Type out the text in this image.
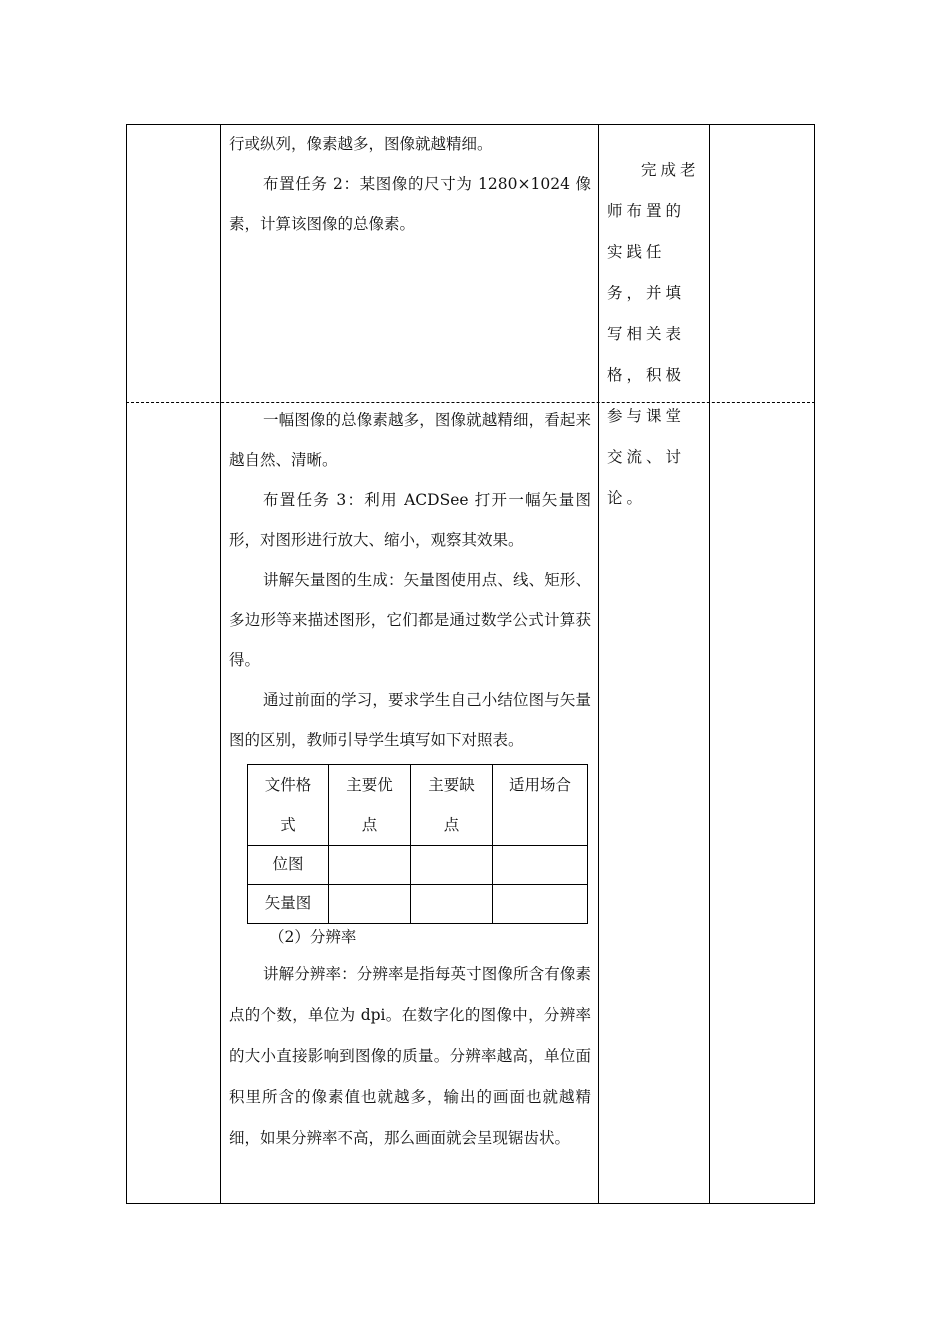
行或纵列，像素越多，图像就越精细。

布置任务 2：某图像的尺寸为 1280×1024 像素，计算该图像的总像素。

完成老师布置的实践任务，并填写相关表格，积极参与课堂交流、讨论。

一幅图像的总像素越多，图像就越精细，看起来越自然、清晰。

布置任务 3：利用 ACDSee 打开一幅矢量图形，对图形进行放大、缩小，观察其效果。

讲解矢量图的生成：矢量图使用点、线、矩形、多边形等来描述图形，它们都是通过数学公式计算获得。

通过前面的学习，要求学生自己小结位图与矢量图的区别，教师引导学生填写如下对照表。

文件格式	主要优点	主要缺点	适用场合

位图			
矢量图			

（2）分辨率

讲解分辨率：分辨率是指每英寸图像所含有像素点的个数，单位为 dpi。在数字化的图像中，分辨率的大小直接影响到图像的质量。分辨率越高，单位面积里所含的像素值也就越多，输出的画面也就越精细，如果分辨率不高，那么画面就会呈现锯齿状。
